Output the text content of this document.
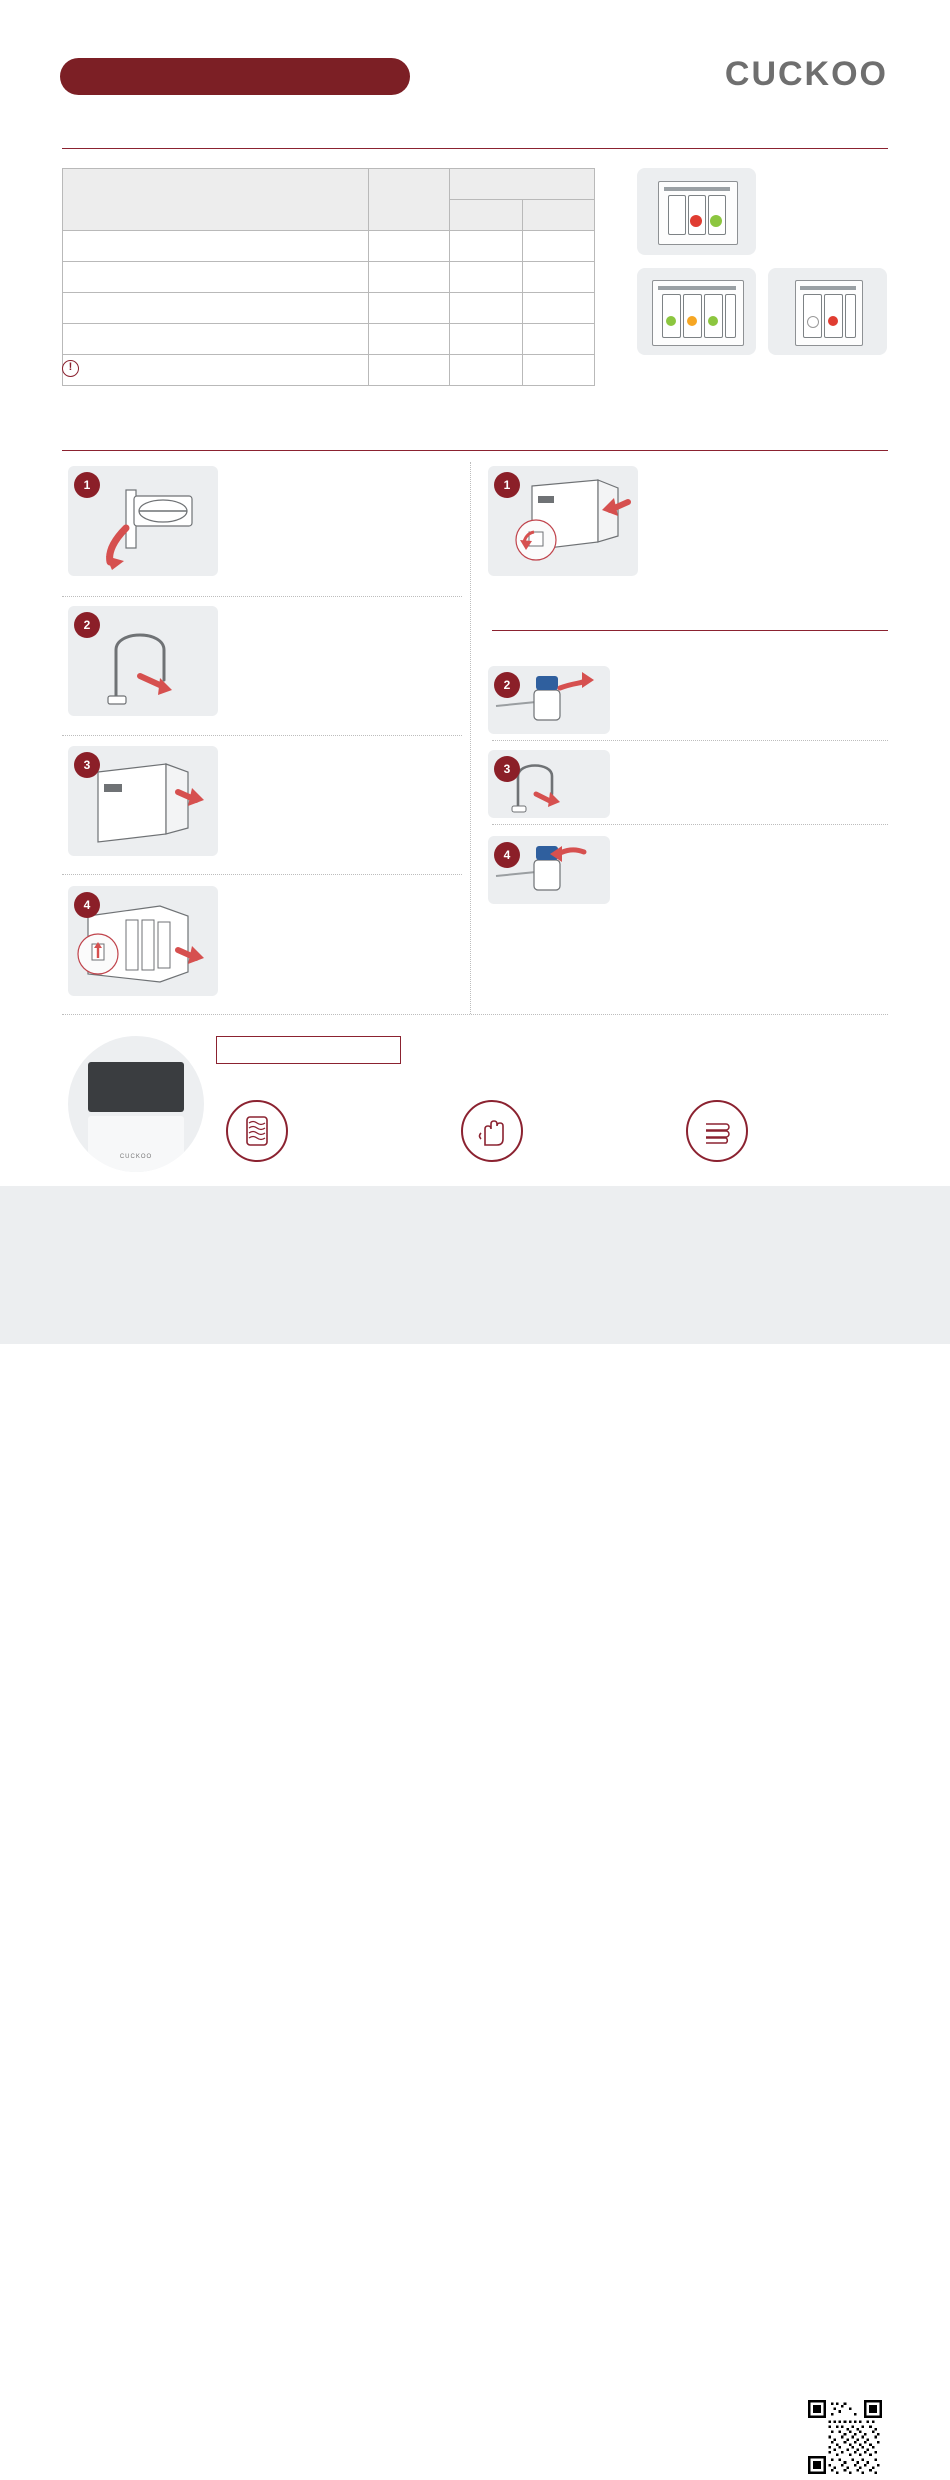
CUCKOO

!
1
2
3
4
1
2
3
4
CUCKOO
